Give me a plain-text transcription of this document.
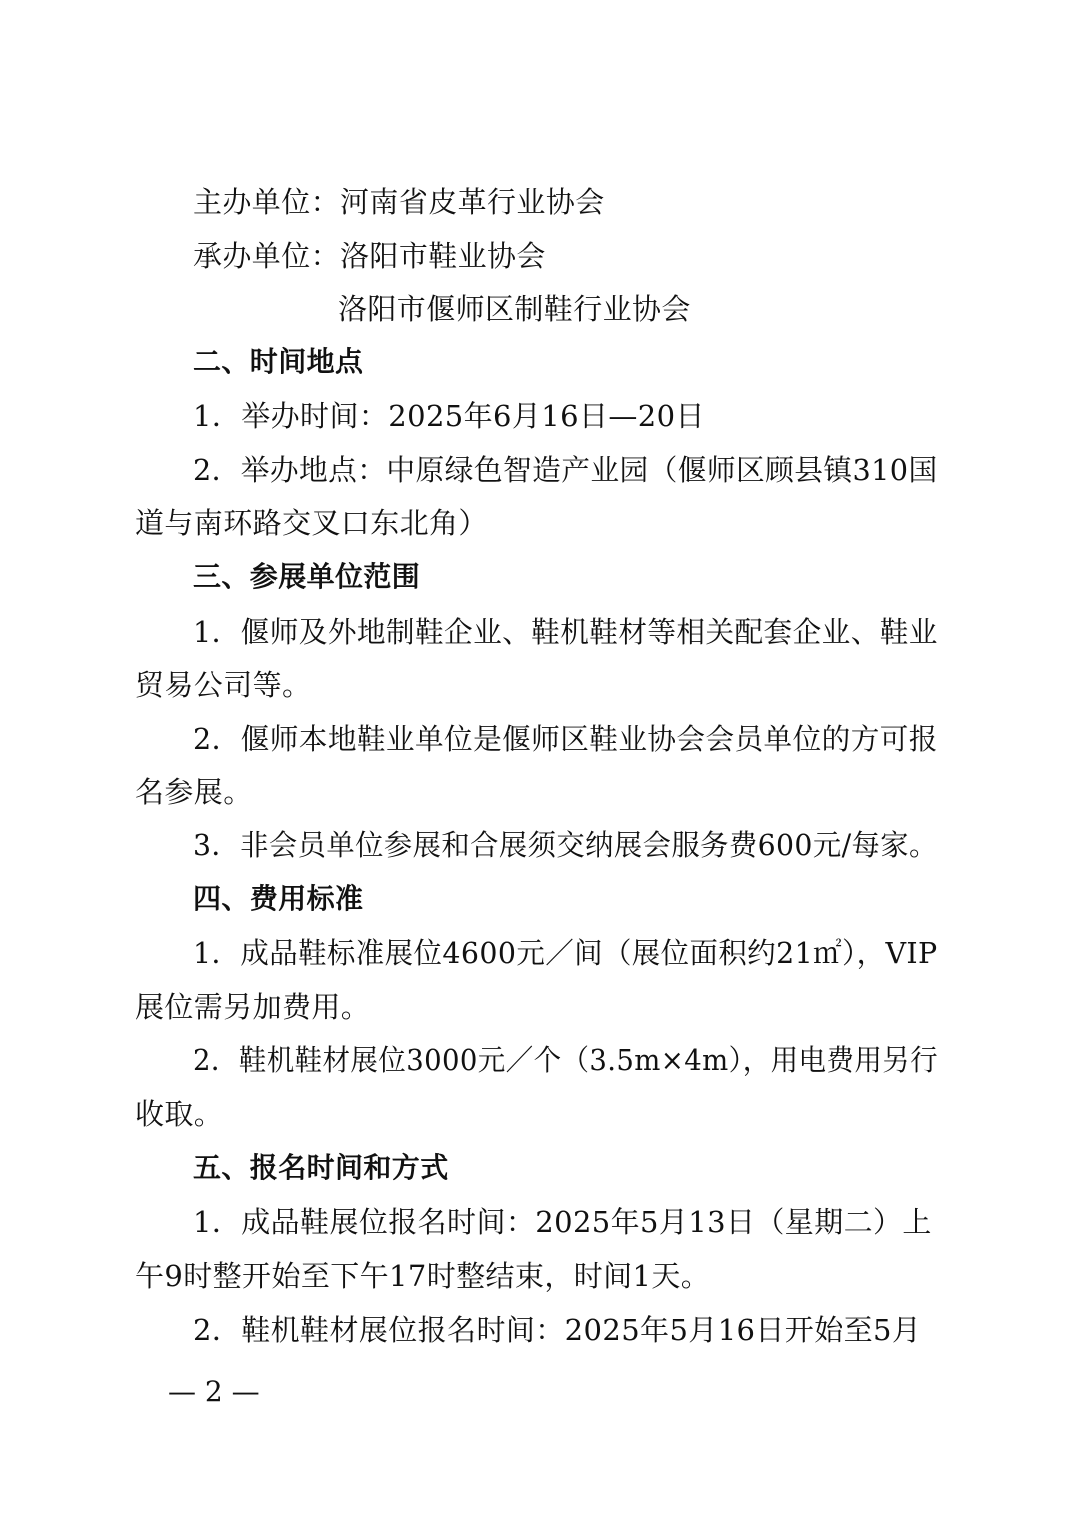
主办单位：河南省皮革行业协会
承办单位：洛阳市鞋业协会
洛阳市偃师区制鞋行业协会
二、时间地点
1．举办时间：2025年6月16日—20日
2．举办地点：中原绿色智造产业园（偃师区顾县镇310国
道与南环路交叉口东北角）
三、参展单位范围
1．偃师及外地制鞋企业、鞋机鞋材等相关配套企业、鞋业
贸易公司等。
2．偃师本地鞋业单位是偃师区鞋业协会会员单位的方可报
名参展。
3．非会员单位参展和合展须交纳展会服务费600元/每家。
四、费用标准
1．成品鞋标准展位4600元／间（展位面积约21㎡），VIP
展位需另加费用。
2．鞋机鞋材展位3000元／个（3.5m×4m），用电费用另行
收取。
五、报名时间和方式
1．成品鞋展位报名时间：2025年5月13日（星期二）上
午9时整开始至下午17时整结束，时间1天。
2．鞋机鞋材展位报名时间：2025年5月16日开始至5月
— 2 —
